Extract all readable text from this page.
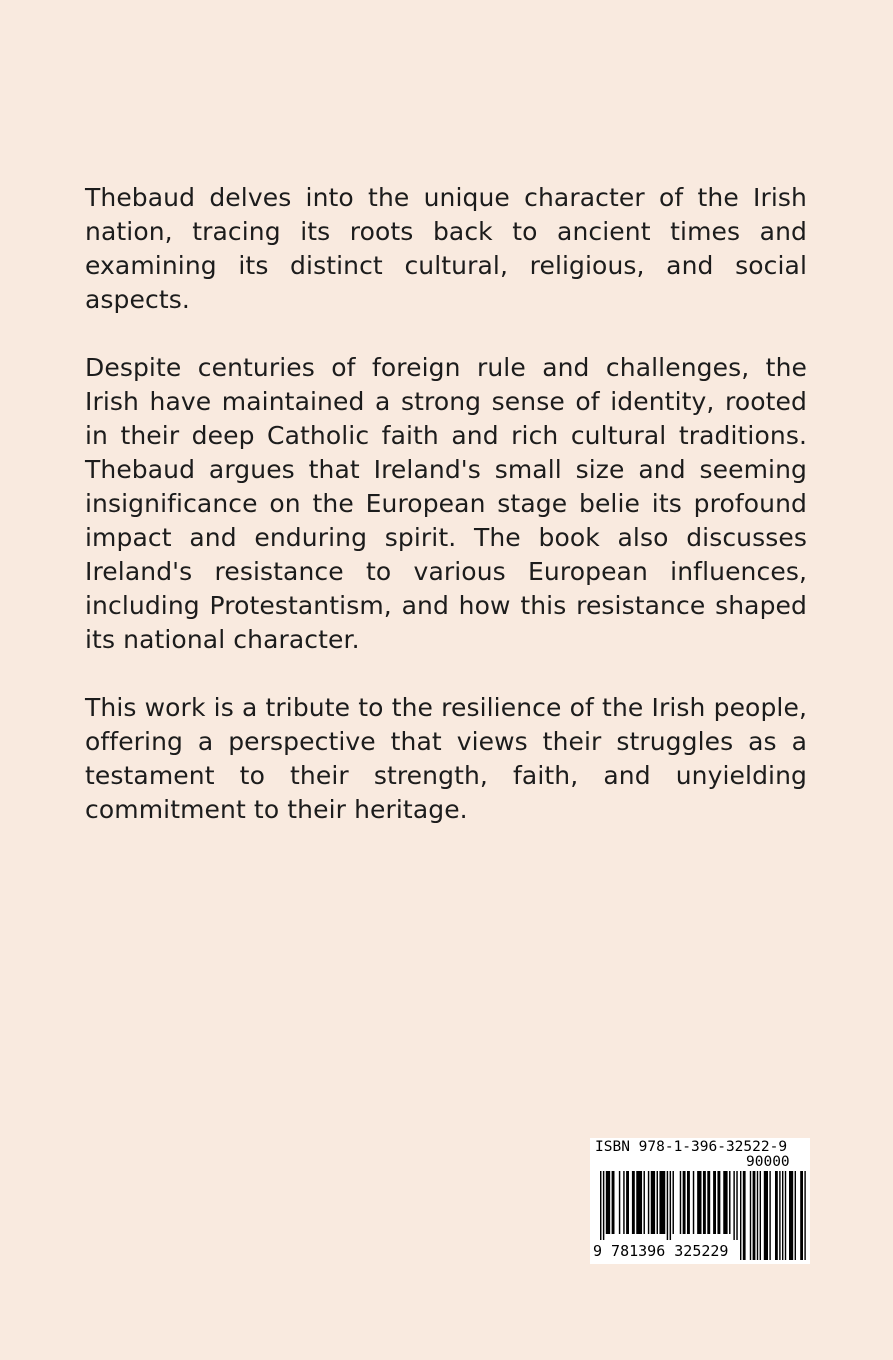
Thebaud delves into the unique character of the Irish nation, tracing its roots back to ancient times and examining its distinct cultural, religious, and social aspects.

Despite centuries of foreign rule and challenges, the Irish have maintained a strong sense of identity, rooted in their deep Catholic faith and rich cultural traditions. Thebaud argues that Ireland's small size and seeming insignificance on the European stage belie its profound impact and enduring spirit. The book also discusses Ireland's resistance to various European influences, including Protestantism, and how this resistance shaped its national character.

This work is a tribute to the resilience of the Irish people, offering a perspective that views their struggles as a testament to their strength, faith, and unyielding commitment to their heritage.

ISBN 978-1-396-32522-9
90000
9 781396 325229
